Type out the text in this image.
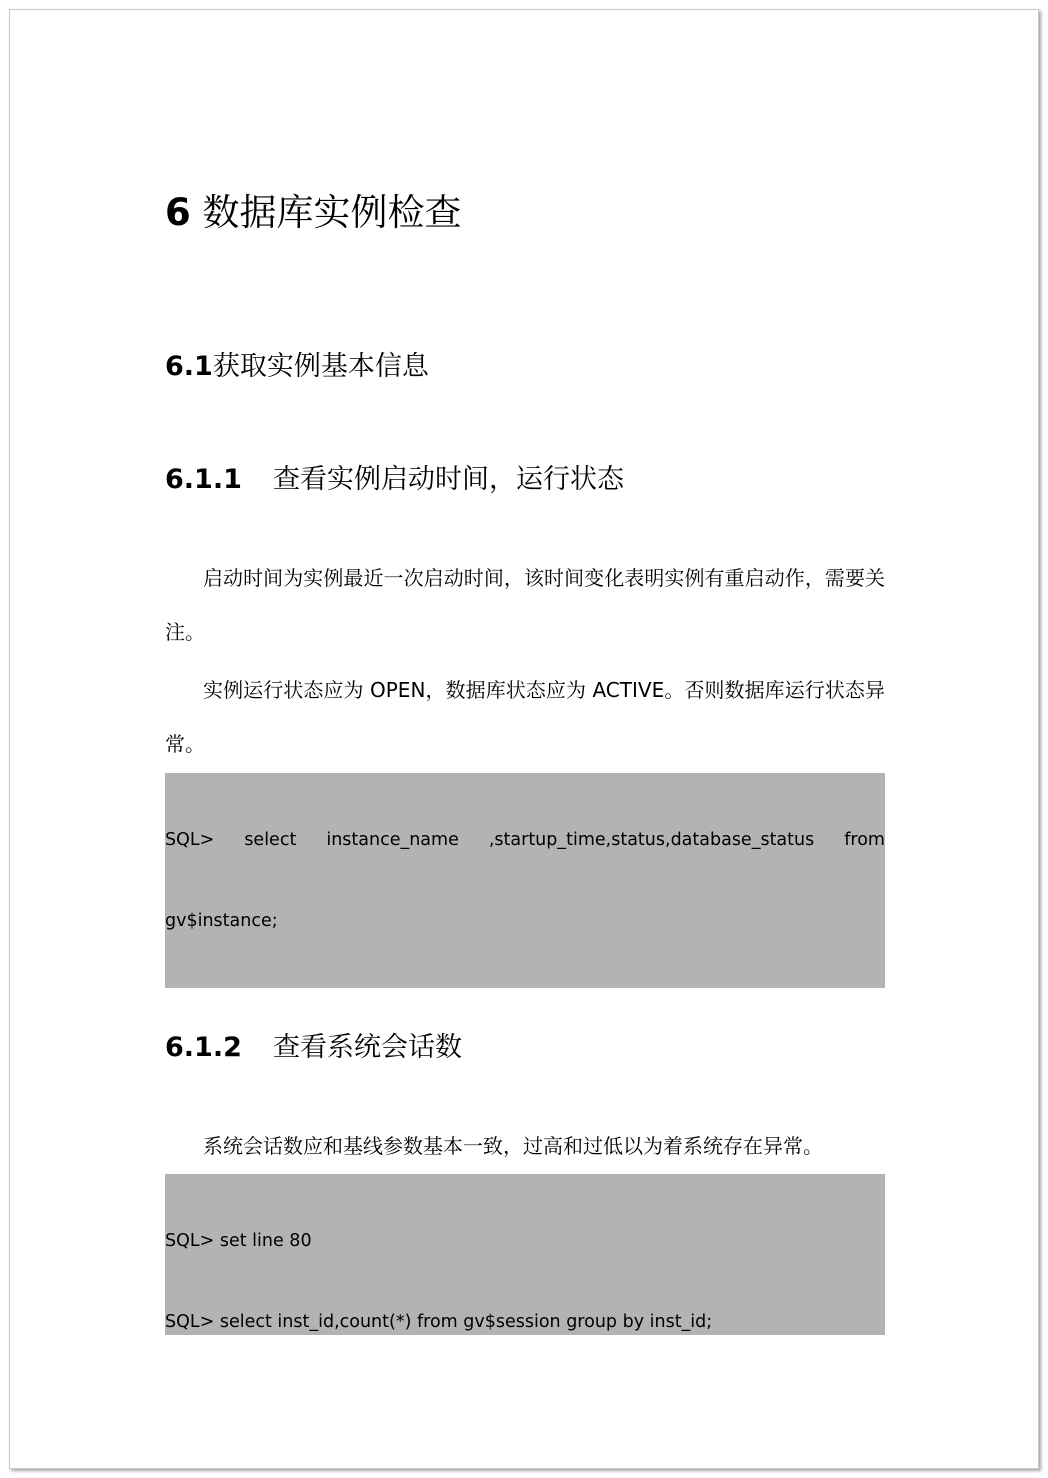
6 数据库实例检查
6.1获取实例基本信息
6.1.1 查看实例启动时间，运行状态

启动时间为实例最近一次启动时间，该时间变化表明实例有重启动作，需要关注。

实例运行状态应为 OPEN，数据库状态应为 ACTIVE。否则数据库运行状态异常。

SQL> select instance_name ,startup_time,status,database_status from

gv$instance;

6.1.2 查看系统会话数

系统会话数应和基线参数基本一致，过高和过低以为着系统存在异常。

SQL> set line 80

SQL> select inst_id,count(*) from gv$session group by inst_id;
